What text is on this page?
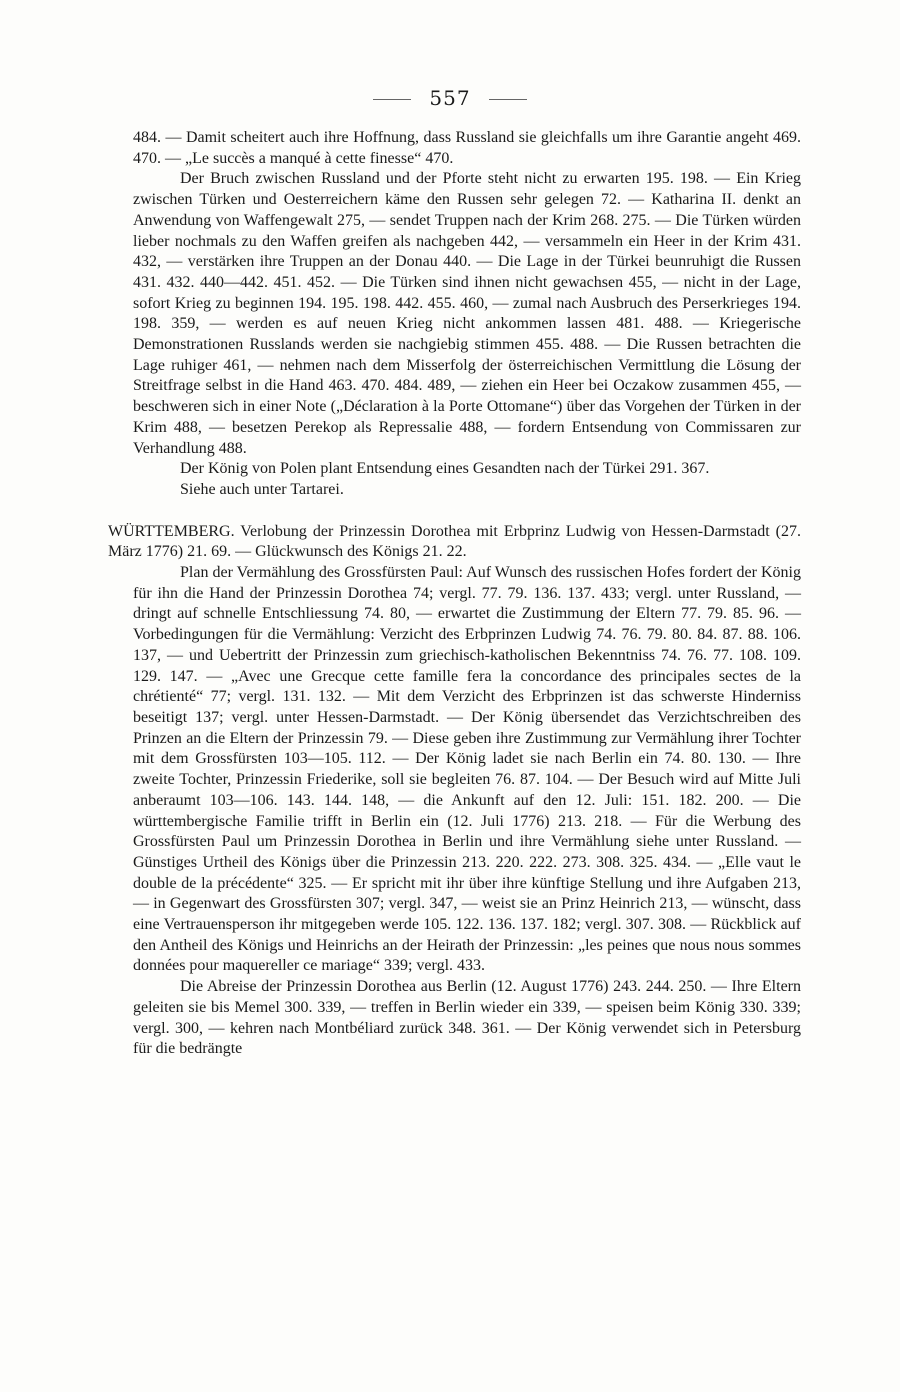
557

484. — Damit scheitert auch ihre Hoffnung, dass Russland sie gleichfalls um ihre Garantie angeht 469. 470. — „Le succès a manqué à cette finesse“ 470.

Der Bruch zwischen Russland und der Pforte steht nicht zu erwarten 195. 198. — Ein Krieg zwischen Türken und Oesterreichern käme den Russen sehr gelegen 72. — Katharina II. denkt an Anwendung von Waffengewalt 275, — sendet Truppen nach der Krim 268. 275. — Die Türken würden lieber nochmals zu den Waffen greifen als nachgeben 442, — versammeln ein Heer in der Krim 431. 432, — verstärken ihre Truppen an der Donau 440. — Die Lage in der Türkei beunruhigt die Russen 431. 432. 440—442. 451. 452. — Die Türken sind ihnen nicht gewachsen 455, — nicht in der Lage, sofort Krieg zu beginnen 194. 195. 198. 442. 455. 460, — zumal nach Ausbruch des Perserkrieges 194. 198. 359, — werden es auf neuen Krieg nicht ankommen lassen 481. 488. — Kriegerische Demonstrationen Russlands werden sie nachgiebig stimmen 455. 488. — Die Russen betrachten die Lage ruhiger 461, — nehmen nach dem Misserfolg der österreichischen Vermittlung die Lösung der Streitfrage selbst in die Hand 463. 470. 484. 489, — ziehen ein Heer bei Oczakow zusammen 455, — beschweren sich in einer Note („Déclaration à la Porte Ottomane“) über das Vorgehen der Türken in der Krim 488, — besetzen Perekop als Repressalie 488, — fordern Entsendung von Commissaren zur Verhandlung 488.

Der König von Polen plant Entsendung eines Gesandten nach der Türkei 291. 367.

Siehe auch unter Tartarei.

WÜRTTEMBERG. Verlobung der Prinzessin Dorothea mit Erbprinz Ludwig von Hessen-Darmstadt (27. März 1776) 21. 69. — Glückwunsch des Königs 21. 22.

Plan der Vermählung des Grossfürsten Paul: Auf Wunsch des russischen Hofes fordert der König für ihn die Hand der Prinzessin Dorothea 74; vergl. 77. 79. 136. 137. 433; vergl. unter Russland, — dringt auf schnelle Entschliessung 74. 80, — erwartet die Zustimmung der Eltern 77. 79. 85. 96. — Vorbedingungen für die Vermählung: Verzicht des Erbprinzen Ludwig 74. 76. 79. 80. 84. 87. 88. 106. 137, — und Uebertritt der Prinzessin zum griechisch-katholischen Bekenntniss 74. 76. 77. 108. 109. 129. 147. — „Avec une Grecque cette famille fera la concordance des principales sectes de la chrétienté“ 77; vergl. 131. 132. — Mit dem Verzicht des Erbprinzen ist das schwerste Hinderniss beseitigt 137; vergl. unter Hessen-Darmstadt. — Der König übersendet das Verzichtschreiben des Prinzen an die Eltern der Prinzessin 79. — Diese geben ihre Zustimmung zur Vermählung ihrer Tochter mit dem Grossfürsten 103—105. 112. — Der König ladet sie nach Berlin ein 74. 80. 130. — Ihre zweite Tochter, Prinzessin Friederike, soll sie begleiten 76. 87. 104. — Der Besuch wird auf Mitte Juli anberaumt 103—106. 143. 144. 148, — die Ankunft auf den 12. Juli: 151. 182. 200. — Die württembergische Familie trifft in Berlin ein (12. Juli 1776) 213. 218. — Für die Werbung des Grossfürsten Paul um Prinzessin Dorothea in Berlin und ihre Vermählung siehe unter Russland. — Günstiges Urtheil des Königs über die Prinzessin 213. 220. 222. 273. 308. 325. 434. — „Elle vaut le double de la précédente“ 325. — Er spricht mit ihr über ihre künftige Stellung und ihre Aufgaben 213, — in Gegenwart des Grossfürsten 307; vergl. 347, — weist sie an Prinz Heinrich 213, — wünscht, dass eine Vertrauensperson ihr mitgegeben werde 105. 122. 136. 137. 182; vergl. 307. 308. — Rückblick auf den Antheil des Königs und Heinrichs an der Heirath der Prinzessin: „les peines que nous nous sommes données pour maquereller ce mariage“ 339; vergl. 433.

Die Abreise der Prinzessin Dorothea aus Berlin (12. August 1776) 243. 244. 250. — Ihre Eltern geleiten sie bis Memel 300. 339, — treffen in Berlin wieder ein 339, — speisen beim König 330. 339; vergl. 300, — kehren nach Montbéliard zurück 348. 361. — Der König verwendet sich in Petersburg für die bedrängte
